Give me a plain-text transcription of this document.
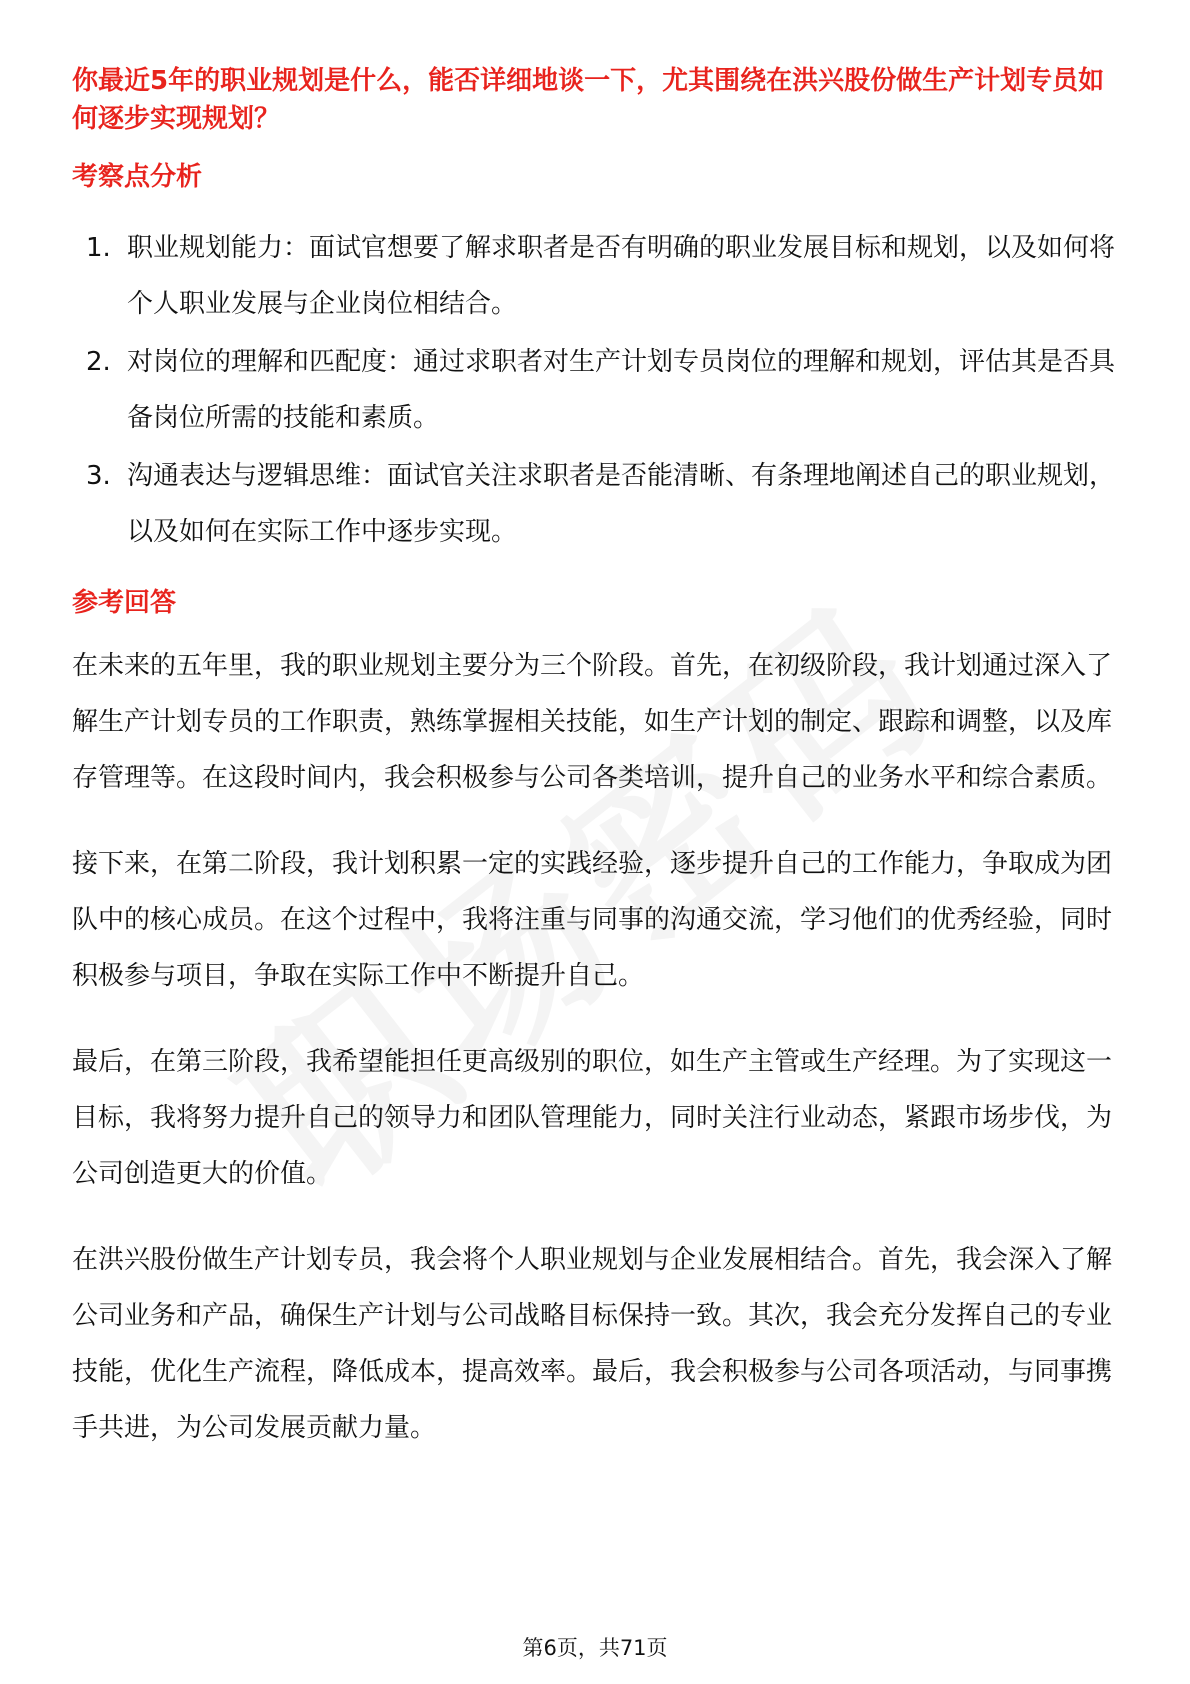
你最近5年的职业规划是什么，能否详细地谈一下，尤其围绕在洪兴股份做生产计划专员如何逐步实现规划？

考察点分析

1. 职业规划能力：面试官想要了解求职者是否有明确的职业发展目标和规划，以及如何将个人职业发展与企业岗位相结合。
2. 对岗位的理解和匹配度：通过求职者对生产计划专员岗位的理解和规划，评估其是否具备岗位所需的技能和素质。
3. 沟通表达与逻辑思维：面试官关注求职者是否能清晰、有条理地阐述自己的职业规划，以及如何在实际工作中逐步实现。

参考回答

在未来的五年里，我的职业规划主要分为三个阶段。首先，在初级阶段，我计划通过深入了解生产计划专员的工作职责，熟练掌握相关技能，如生产计划的制定、跟踪和调整，以及库存管理等。在这段时间内，我会积极参与公司各类培训，提升自己的业务水平和综合素质。

接下来，在第二阶段，我计划积累一定的实践经验，逐步提升自己的工作能力，争取成为团队中的核心成员。在这个过程中，我将注重与同事的沟通交流，学习他们的优秀经验，同时积极参与项目，争取在实际工作中不断提升自己。

最后，在第三阶段，我希望能担任更高级别的职位，如生产主管或生产经理。为了实现这一目标，我将努力提升自己的领导力和团队管理能力，同时关注行业动态，紧跟市场步伐，为公司创造更大的价值。

在洪兴股份做生产计划专员，我会将个人职业规划与企业发展相结合。首先，我会深入了解公司业务和产品，确保生产计划与公司战略目标保持一致。其次，我会充分发挥自己的专业技能，优化生产流程，降低成本，提高效率。最后，我会积极参与公司各项活动，与同事携手共进，为公司发展贡献力量。

第6页，共71页
